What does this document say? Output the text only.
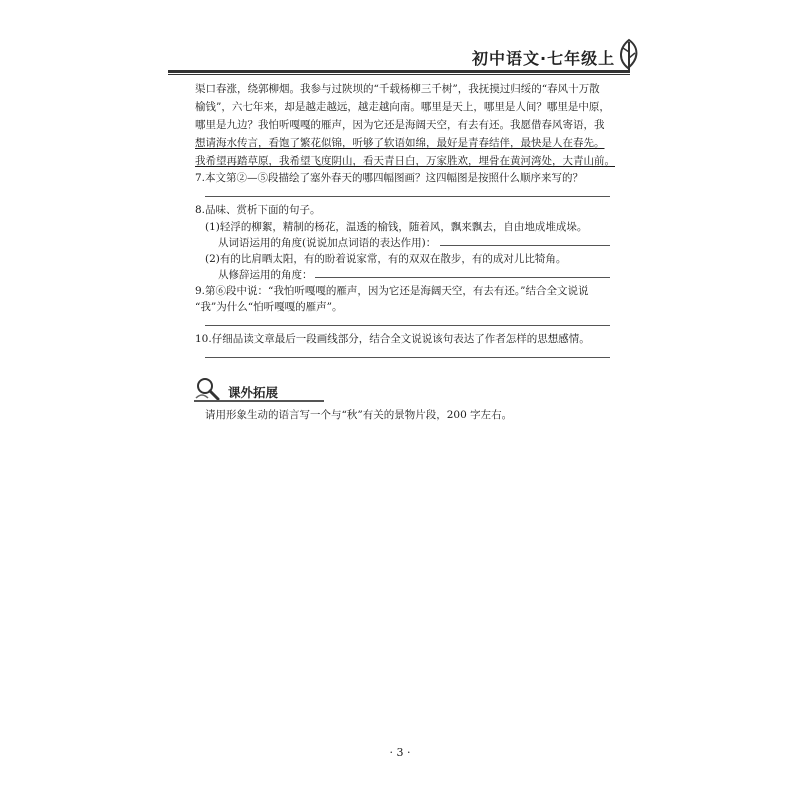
初中语文·七年级上
渠口春涨，绕郭柳烟。我参与过陕坝的“千载杨柳三千树”，我抚摸过归绥的“春风十万散
榆钱”，六七年来，却是越走越远，越走越向南。哪里是天上，哪里是人间？哪里是中原，
哪里是九边？我怕听嘎嘎的雁声，因为它还是海阔天空，有去有还。我愿借春风寄语，我
想请海水传言，看饱了繁花似锦，听够了软语如绵，最好是青春结伴，最快是人在春先。
我希望再踏草原，我希望飞度阴山，看天青日白，万家胜欢，埋骨在黄河湾处，大青山前。
7.本文第②—⑤段描绘了塞外春天的哪四幅图画？这四幅图是按照什么顺序来写的？
8.品味、赏析下面的句子。
(1)轻浮的柳絮，精制的杨花，温透的榆钱，随着风，飘来飘去，自由地成堆成垛。
从词语运用的角度(说说加点词语的表达作用)：
(2)有的比肩晒太阳，有的盼着说家常，有的双双在散步，有的成对儿比犄角。
从修辞运用的角度：
9.第⑥段中说：“我怕听嘎嘎的雁声，因为它还是海阔天空，有去有还。”结合全文说说
“我”为什么“怕听嘎嘎的雁声”。
10.仔细品读文章最后一段画线部分，结合全文说说该句表达了作者怎样的思想感情。
课外拓展
请用形象生动的语言写一个与“秋”有关的景物片段，200 字左右。
· 3 ·
